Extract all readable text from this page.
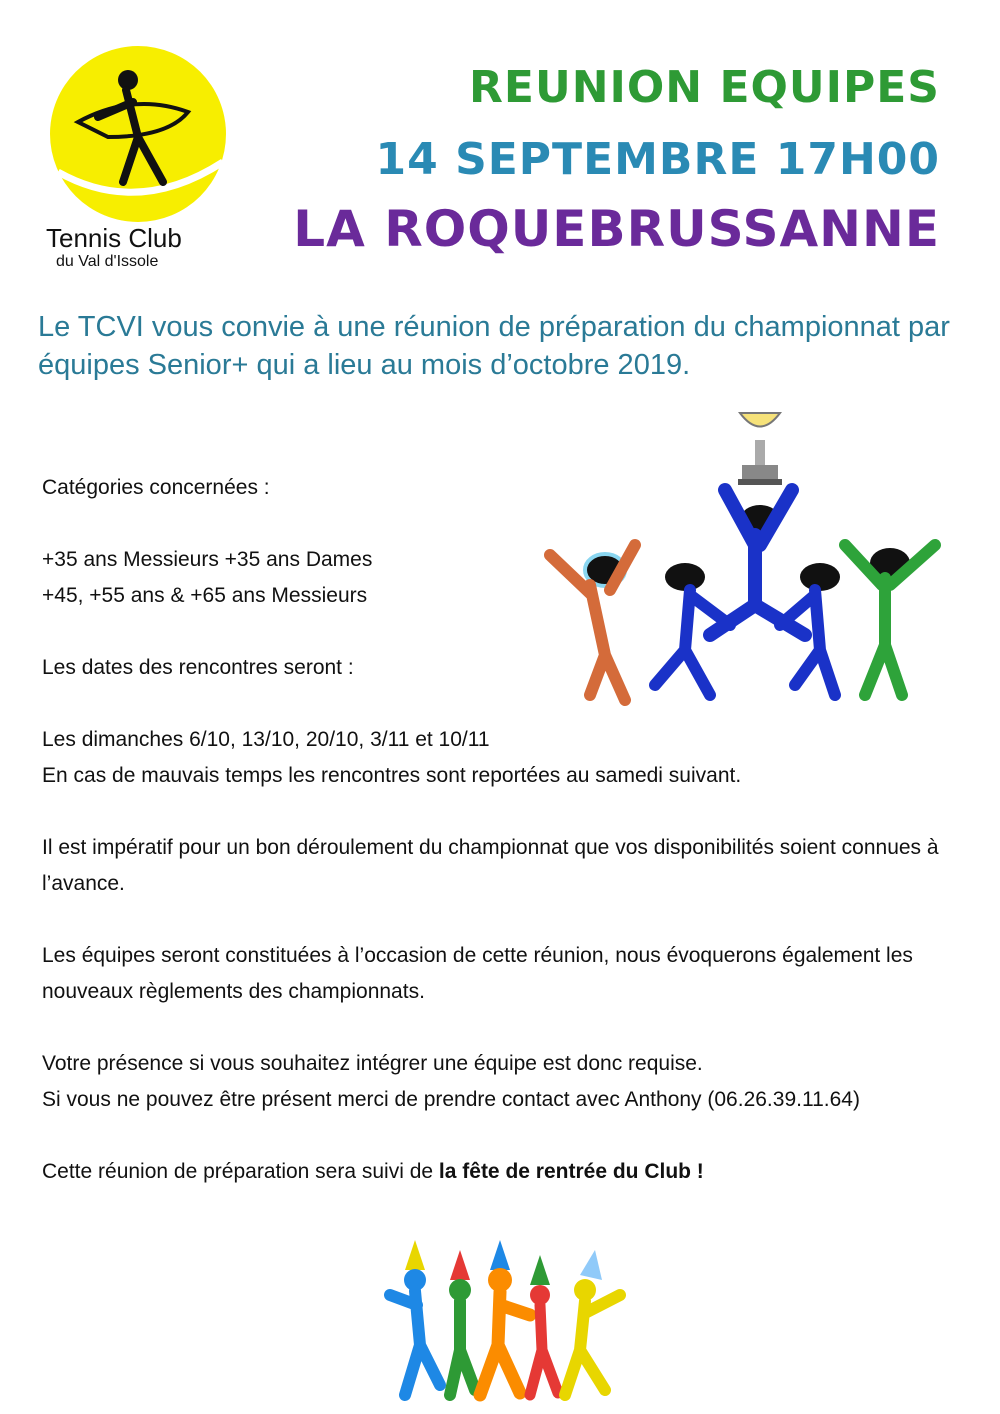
Tennis Club
du Val d'Issole
REUNION EQUIPES
14 SEPTEMBRE 17H00
LA ROQUEBRUSSANNE
Le TCVI vous convie à une réunion de préparation du championnat par équipes Senior+ qui a lieu au mois d’octobre 2019.

Catégories concernées :

+35 ans Messieurs +35 ans Dames

+45, +55 ans & +65 ans Messieurs

Les dates des rencontres seront :

Les dimanches 6/10, 13/10, 20/10, 3/11 et 10/11

En cas de mauvais temps les rencontres sont reportées au samedi suivant.

Il est impératif pour un bon déroulement du championnat que vos disponibilités soient connues à l’avance.

Les équipes seront constituées à l’occasion de cette réunion, nous évoquerons également les nouveaux règlements des championnats.

Votre présence si vous souhaitez intégrer une équipe est donc requise.

Si vous ne pouvez être présent merci de prendre contact avec Anthony (06.26.39.11.64)

Cette réunion de préparation sera suivi de la fête de rentrée du Club !
